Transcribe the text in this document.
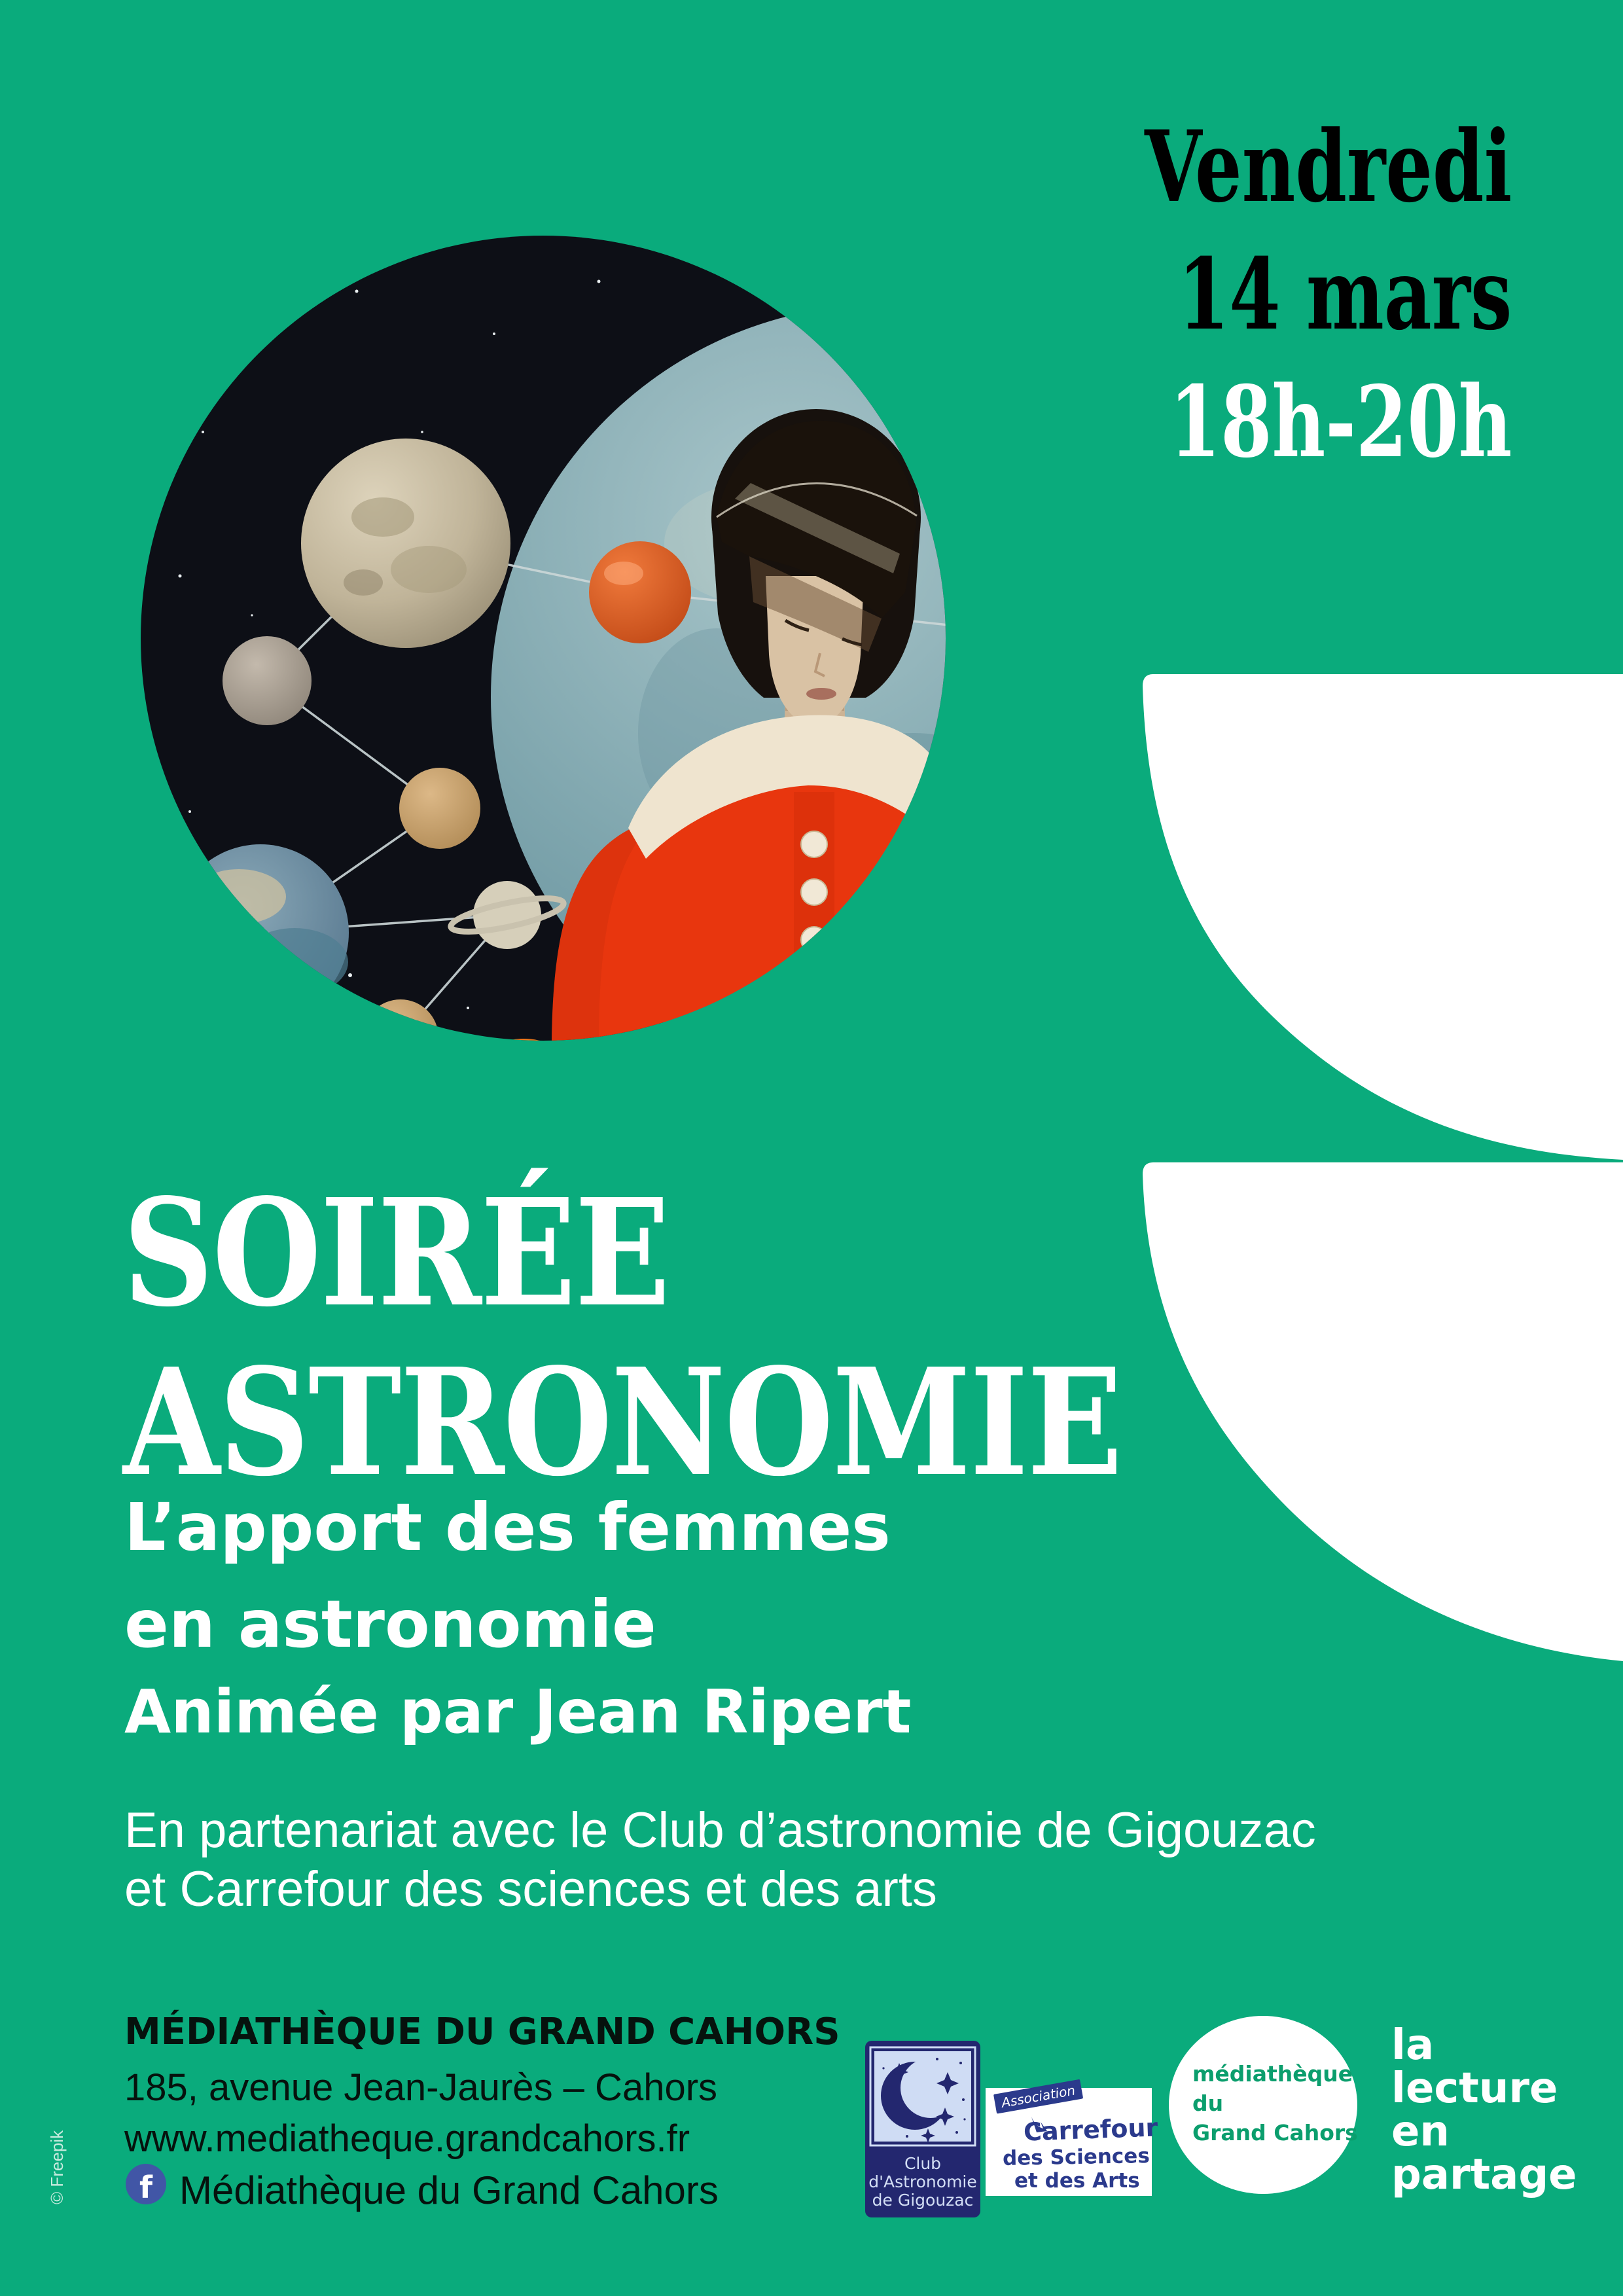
Vendredi
14 mars
18h-20h
SOIRÉE
ASTRONOMIE
L’apport des femmes
en astronomie
Animée par Jean Ripert
En partenariat avec le Club d’astronomie de Gigouzac
et Carrefour des sciences et des arts
MÉDIATHÈQUE DU GRAND CAHORS
185, avenue Jean-Jaurès – Cahors
www.mediatheque.grandcahors.fr
f Médiathèque du Grand Cahors
Club
d'Astronomie
de Gigouzac
Association
Carrefour
des Sciences
et des Arts
médiathèque
du
Grand Cahors
la
lecture
en
partage
© Freepik
